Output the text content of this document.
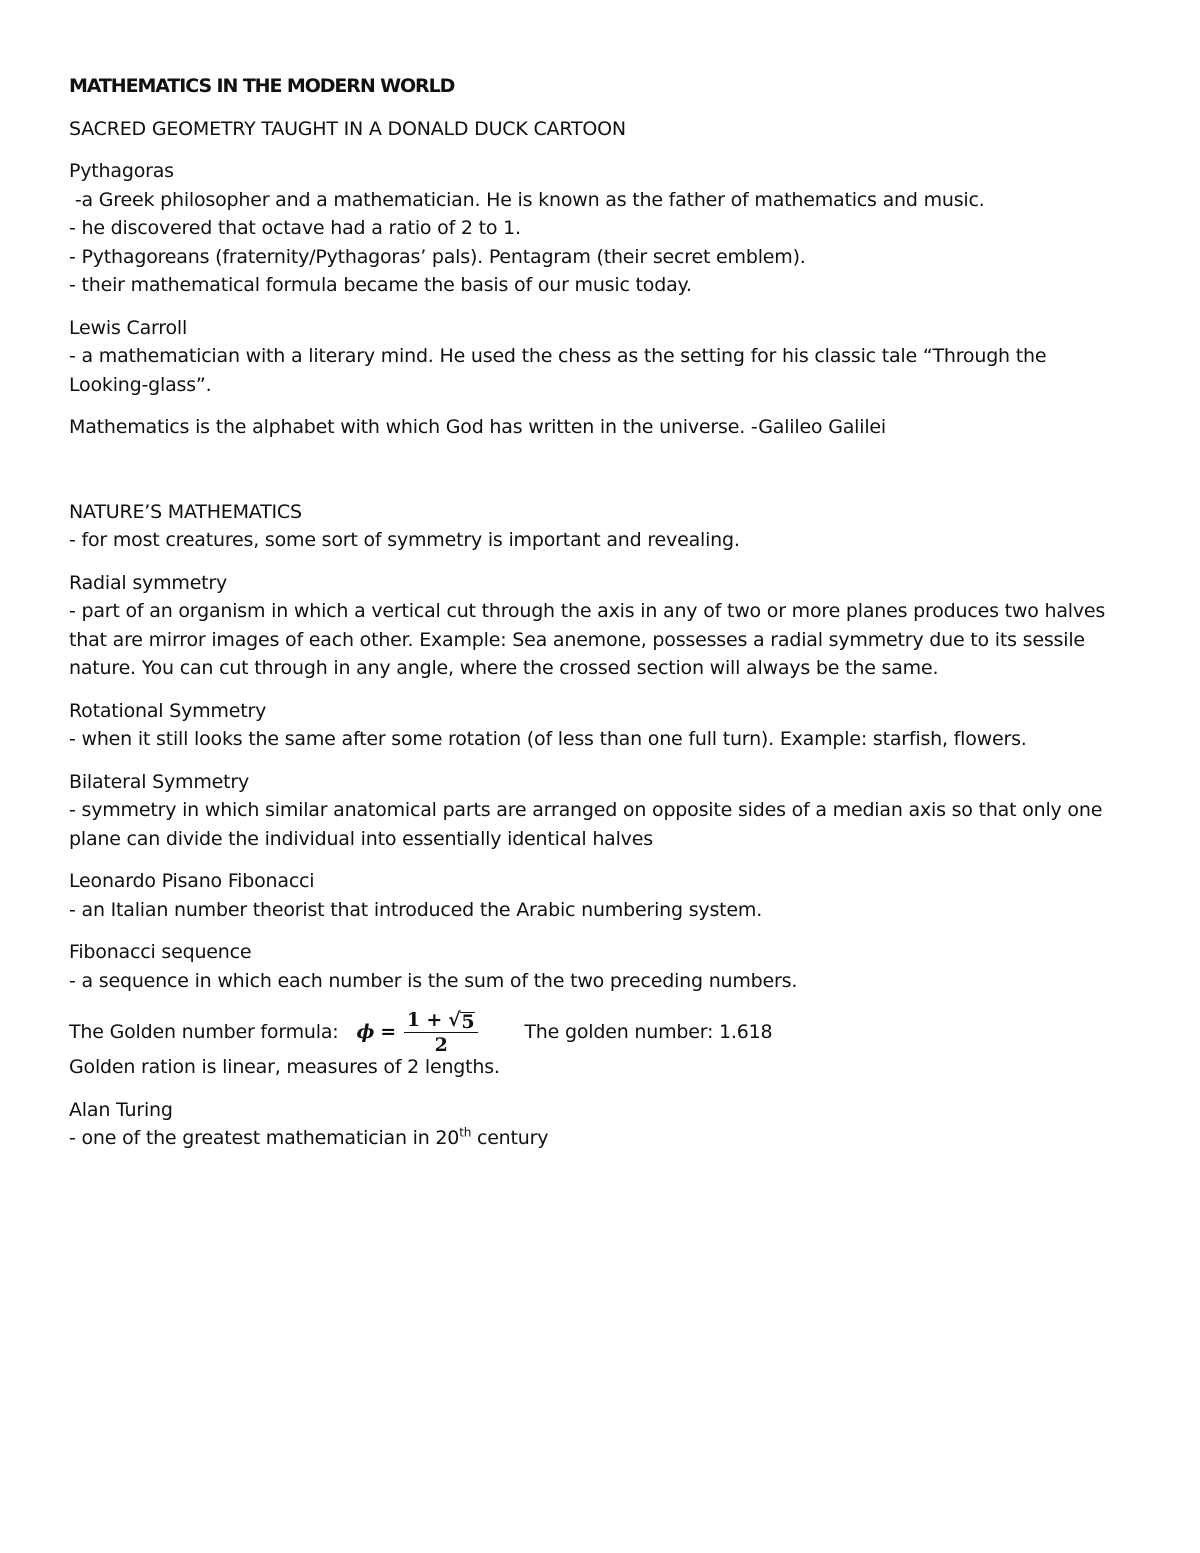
MATHEMATICS IN THE MODERN WORLD

SACRED GEOMETRY TAUGHT IN A DONALD DUCK CARTOON

Pythagoras
-a Greek philosopher and a mathematician. He is known as the father of mathematics and music.
- he discovered that octave had a ratio of 2 to 1.
- Pythagoreans (fraternity/Pythagoras’ pals). Pentagram (their secret emblem).
- their mathematical formula became the basis of our music today.

Lewis Carroll
- a mathematician with a literary mind. He used the chess as the setting for his classic tale “Through the Looking-glass”.

Mathematics is the alphabet with which God has written in the universe. -Galileo Galilei

NATURE’S MATHEMATICS
- for most creatures, some sort of symmetry is important and revealing.

Radial symmetry
- part of an organism in which a vertical cut through the axis in any of two or more planes produces two halves that are mirror images of each other. Example: Sea anemone, possesses a radial symmetry due to its sessile nature. You can cut through in any angle, where the crossed section will always be the same.

Rotational Symmetry
- when it still looks the same after some rotation (of less than one full turn). Example: starfish, flowers.

Bilateral Symmetry
- symmetry in which similar anatomical parts are arranged on opposite sides of a median axis so that only one plane can divide the individual into essentially identical halves

Leonardo Pisano Fibonacci
- an Italian number theorist that introduced the Arabic numbering system.

Fibonacci sequence
- a sequence in which each number is the sum of the two preceding numbers.

The Golden number formula: $\phi = \frac{1 + √ 5}{2}$ The golden number: 1.618

Golden ration is linear, measures of 2 lengths.

Alan Turing
- one of the greatest mathematician in 20th century
